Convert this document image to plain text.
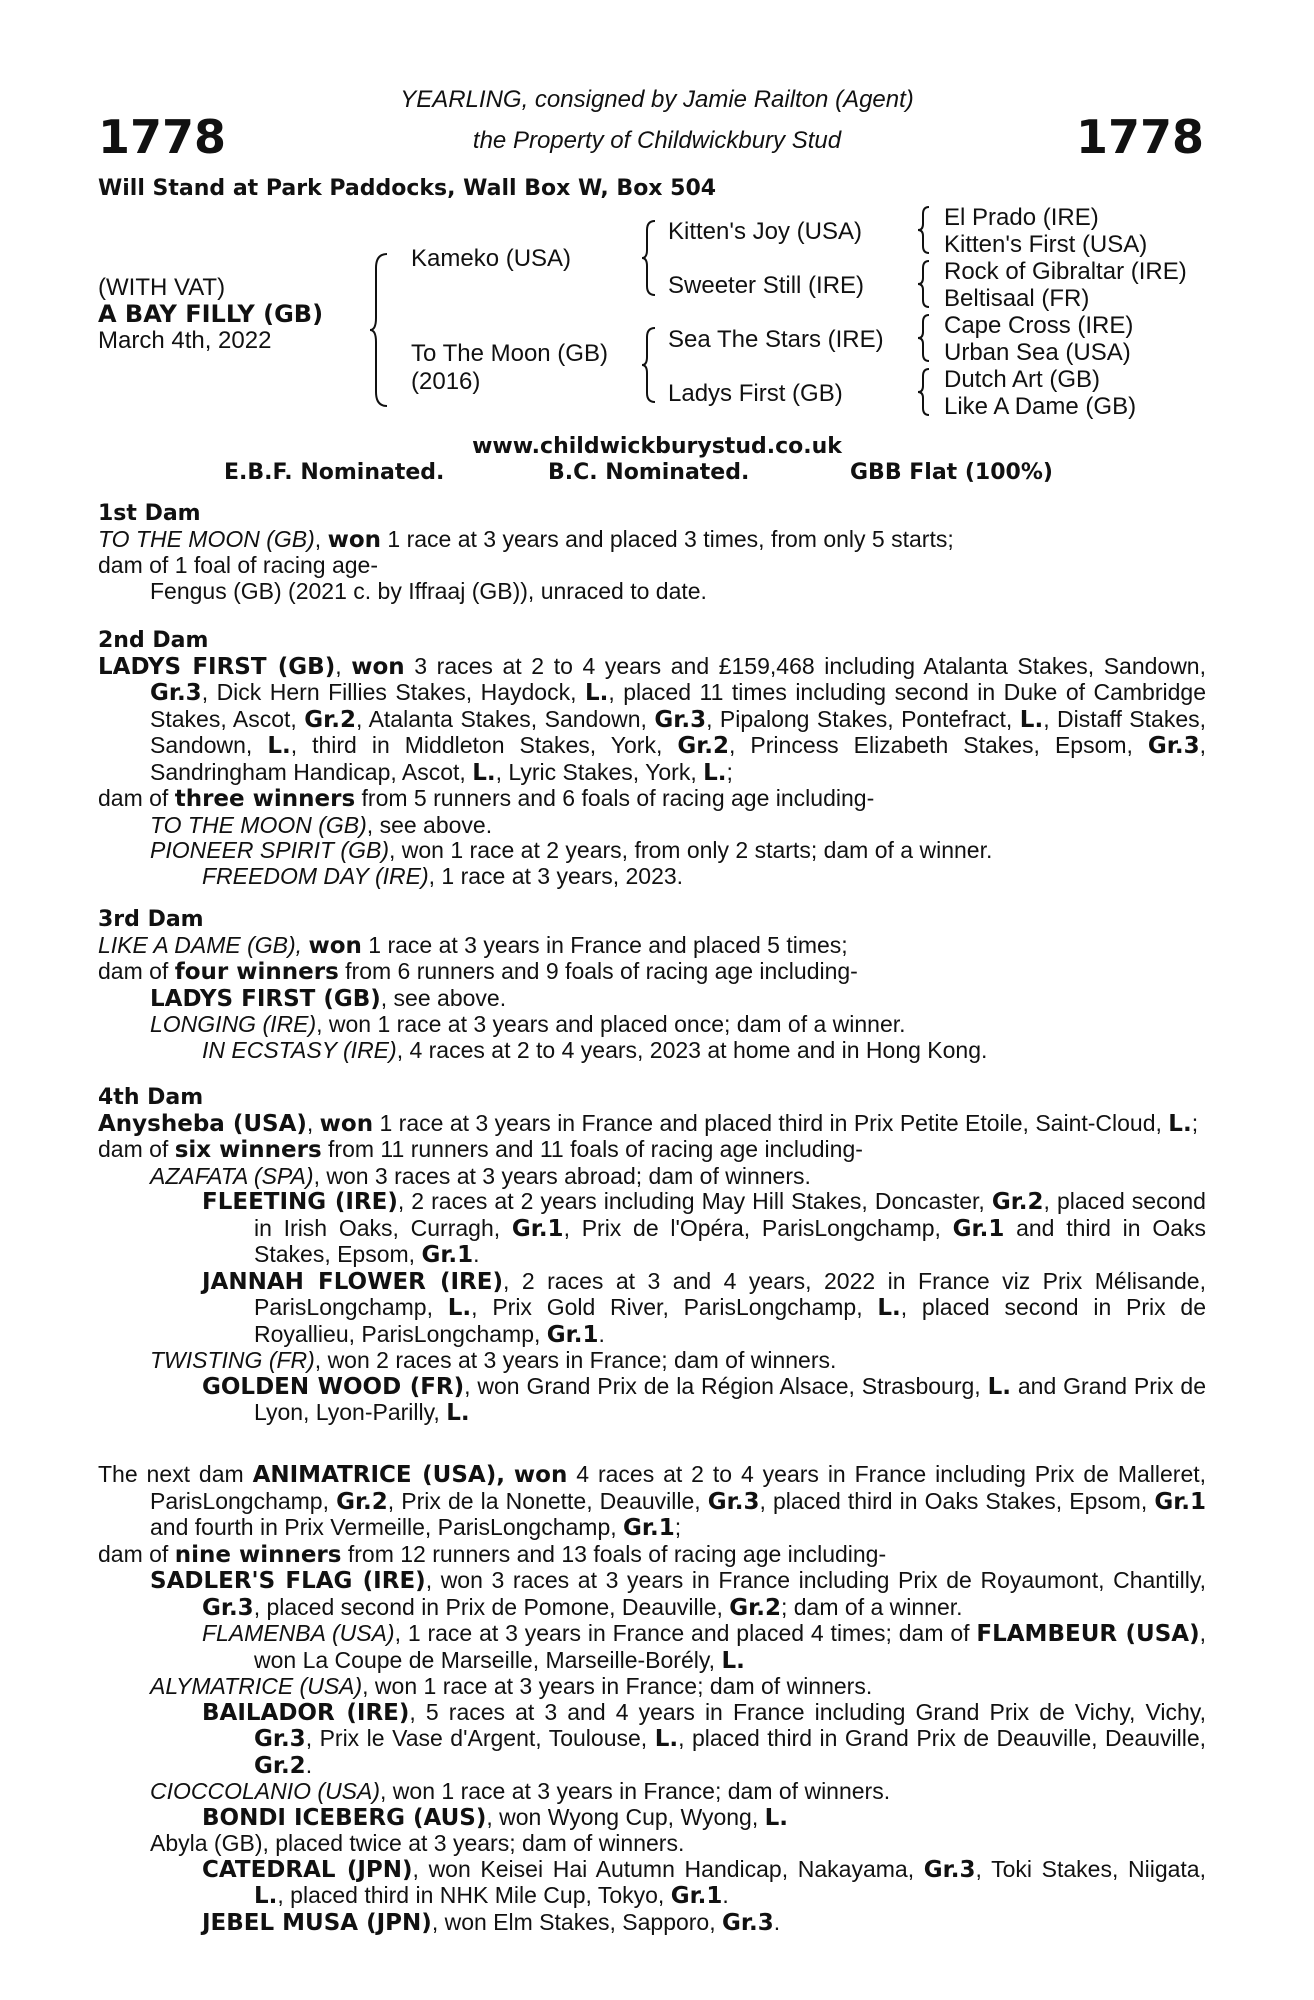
1778	1778
YEARLING, consigned by Jamie Railton (Agent)
the Property of Childwickbury Stud
Will Stand at Park Paddocks, Wall Box W, Box 504
(WITH VAT)
A BAY FILLY (GB)
March 4th, 2022
Kameko (USA)
To The Moon (GB)
(2016)
Kitten's Joy (USA)
Sweeter Still (IRE)
Sea The Stars (IRE)
Ladys First (GB)
El Prado (IRE)
Kitten's First (USA)
Rock of Gibraltar (IRE)
Beltisaal (FR)
Cape Cross (IRE)
Urban Sea (USA)
Dutch Art (GB)
Like A Dame (GB)
www.childwickburystud.co.uk
E.B.F. Nominated.	B.C. Nominated.	GBB Flat (100%)

1st Dam

TO THE MOON (GB), won 1 race at 3 years and placed 3 times, from only 5 starts;

dam of 1 foal of racing age-

Fengus (GB) (2021 c. by Iffraaj (GB)), unraced to date.

2nd Dam

LADYS FIRST (GB), won 3 races at 2 to 4 years and £159,468 including Atalanta Stakes, Sandown, Gr.3, Dick Hern Fillies Stakes, Haydock, L., placed 11 times including second in Duke of Cambridge Stakes, Ascot, Gr.2, Atalanta Stakes, Sandown, Gr.3, Pipalong Stakes, Pontefract, L., Distaff Stakes, Sandown, L., third in Middleton Stakes, York, Gr.2, Princess Elizabeth Stakes, Epsom, Gr.3, Sandringham Handicap, Ascot, L., Lyric Stakes, York, L.;

dam of three winners from 5 runners and 6 foals of racing age including-

TO THE MOON (GB), see above.

PIONEER SPIRIT (GB), won 1 race at 2 years, from only 2 starts; dam of a winner.

FREEDOM DAY (IRE), 1 race at 3 years, 2023.

3rd Dam

LIKE A DAME (GB), won 1 race at 3 years in France and placed 5 times;

dam of four winners from 6 runners and 9 foals of racing age including-

LADYS FIRST (GB), see above.

LONGING (IRE), won 1 race at 3 years and placed once; dam of a winner.

IN ECSTASY (IRE), 4 races at 2 to 4 years, 2023 at home and in Hong Kong.

4th Dam

Anysheba (USA), won 1 race at 3 years in France and placed third in Prix Petite Etoile, Saint-Cloud, L.;

dam of six winners from 11 runners and 11 foals of racing age including-

AZAFATA (SPA), won 3 races at 3 years abroad; dam of winners.

FLEETING (IRE), 2 races at 2 years including May Hill Stakes, Doncaster, Gr.2, placed second in Irish Oaks, Curragh, Gr.1, Prix de l'Opéra, ParisLongchamp, Gr.1 and third in Oaks Stakes, Epsom, Gr.1.

JANNAH FLOWER (IRE), 2 races at 3 and 4 years, 2022 in France viz Prix Mélisande, ParisLongchamp, L., Prix Gold River, ParisLongchamp, L., placed second in Prix de Royallieu, ParisLongchamp, Gr.1.

TWISTING (FR), won 2 races at 3 years in France; dam of winners.

GOLDEN WOOD (FR), won Grand Prix de la Région Alsace, Strasbourg, L. and Grand Prix de Lyon, Lyon-Parilly, L.

The next dam ANIMATRICE (USA), won 4 races at 2 to 4 years in France including Prix de Malleret, ParisLongchamp, Gr.2, Prix de la Nonette, Deauville, Gr.3, placed third in Oaks Stakes, Epsom, Gr.1 and fourth in Prix Vermeille, ParisLongchamp, Gr.1;

dam of nine winners from 12 runners and 13 foals of racing age including-

SADLER'S FLAG (IRE), won 3 races at 3 years in France including Prix de Royaumont, Chantilly, Gr.3, placed second in Prix de Pomone, Deauville, Gr.2; dam of a winner.

FLAMENBA (USA), 1 race at 3 years in France and placed 4 times; dam of FLAMBEUR (USA), won La Coupe de Marseille, Marseille-Borély, L.

ALYMATRICE (USA), won 1 race at 3 years in France; dam of winners.

BAILADOR (IRE), 5 races at 3 and 4 years in France including Grand Prix de Vichy, Vichy, Gr.3, Prix le Vase d'Argent, Toulouse, L., placed third in Grand Prix de Deauville, Deauville, Gr.2.

CIOCCOLANIO (USA), won 1 race at 3 years in France; dam of winners.

BONDI ICEBERG (AUS), won Wyong Cup, Wyong, L.

Abyla (GB), placed twice at 3 years; dam of winners.

CATEDRAL (JPN), won Keisei Hai Autumn Handicap, Nakayama, Gr.3, Toki Stakes, Niigata, L., placed third in NHK Mile Cup, Tokyo, Gr.1.

JEBEL MUSA (JPN), won Elm Stakes, Sapporo, Gr.3.
